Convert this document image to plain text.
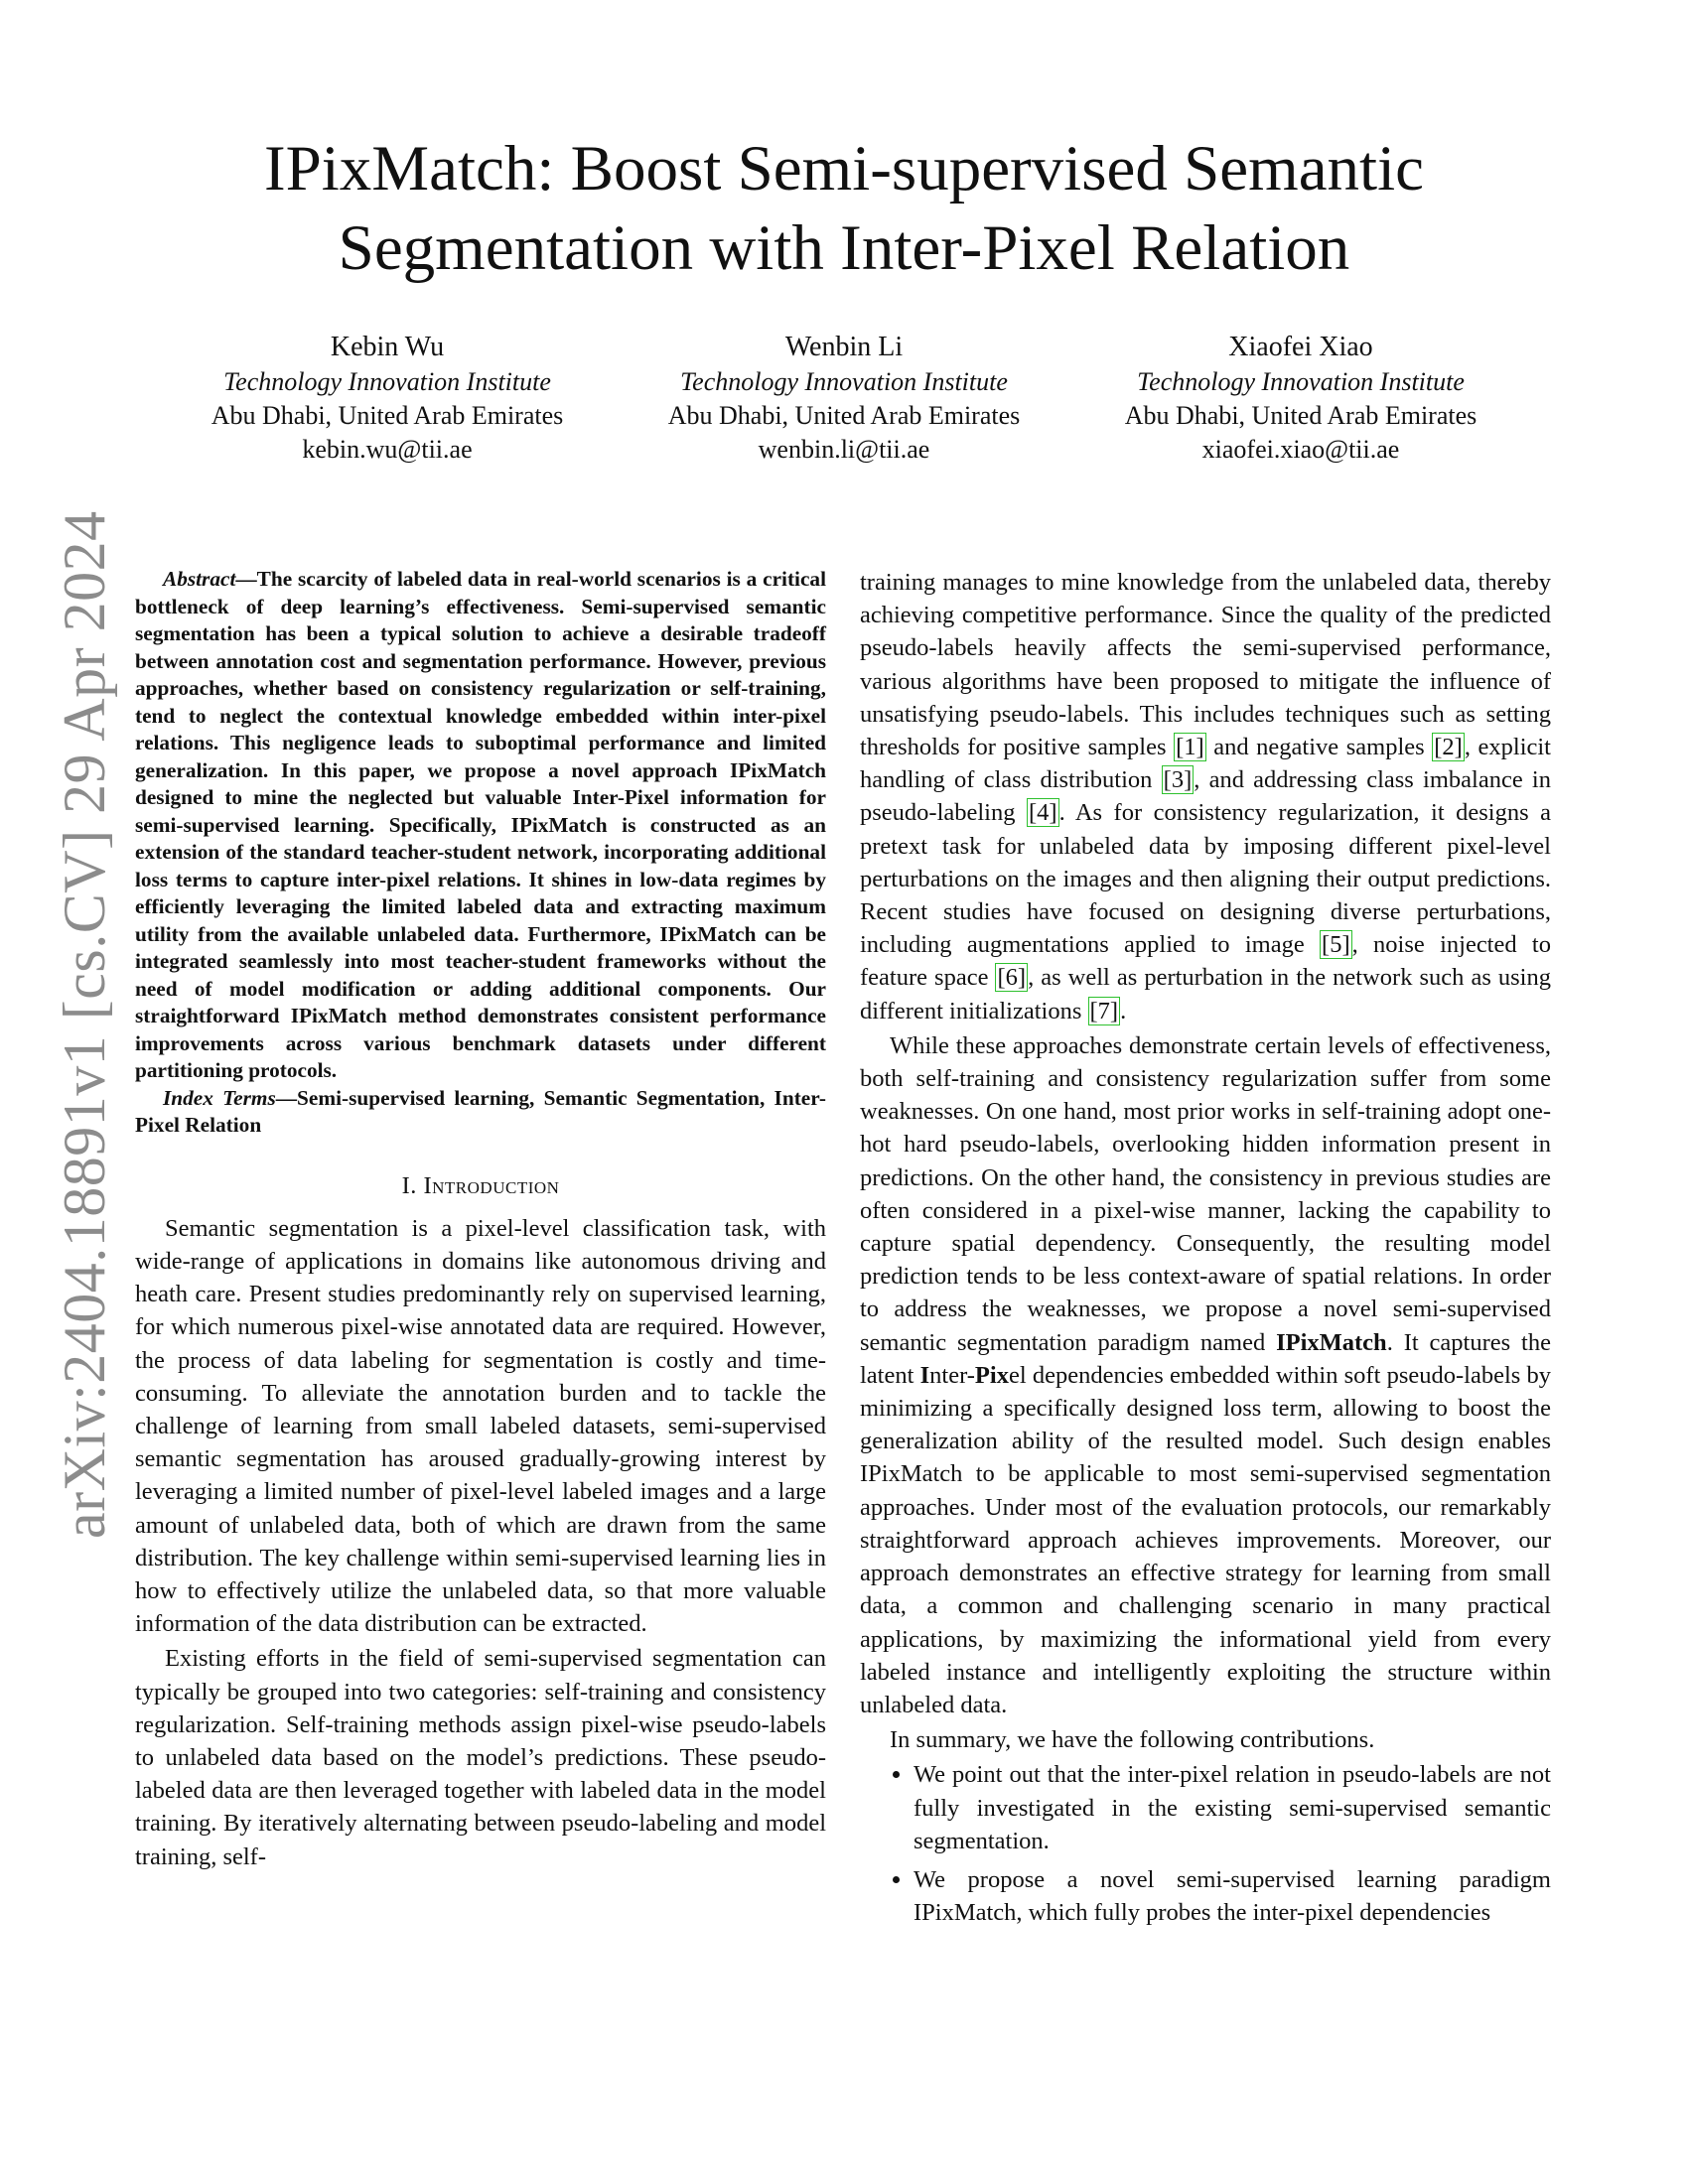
arXiv:2404.18891v1 [cs.CV] 29 Apr 2024
IPixMatch: Boost Semi-supervised Semantic
Segmentation with Inter-Pixel Relation
Kebin Wu
Technology Innovation Institute
Abu Dhabi, United Arab Emirates
kebin.wu@tii.ae
Wenbin Li
Technology Innovation Institute
Abu Dhabi, United Arab Emirates
wenbin.li@tii.ae
Xiaofei Xiao
Technology Innovation Institute
Abu Dhabi, United Arab Emirates
xiaofei.xiao@tii.ae

Abstract—The scarcity of labeled data in real-world scenarios is a critical bottleneck of deep learning’s effectiveness. Semi-supervised semantic segmentation has been a typical solution to achieve a desirable tradeoff between annotation cost and segmentation performance. However, previous approaches, whether based on consistency regularization or self-training, tend to neglect the contextual knowledge embedded within inter-pixel relations. This negligence leads to suboptimal performance and limited generalization. In this paper, we propose a novel approach IPixMatch designed to mine the neglected but valuable Inter-Pixel information for semi-supervised learning. Specifically, IPixMatch is constructed as an extension of the standard teacher-student network, incorporating additional loss terms to capture inter-pixel relations. It shines in low-data regimes by efficiently leveraging the limited labeled data and extracting maximum utility from the available unlabeled data. Furthermore, IPixMatch can be integrated seamlessly into most teacher-student frameworks without the need of model modification or adding additional components. Our straightforward IPixMatch method demonstrates consistent performance improvements across various benchmark datasets under different partitioning protocols.

Index Terms—Semi-supervised learning, Semantic Segmentation, Inter-Pixel Relation

I. Introduction

Semantic segmentation is a pixel-level classification task, with wide-range of applications in domains like autonomous driving and heath care. Present studies predominantly rely on supervised learning, for which numerous pixel-wise annotated data are required. However, the process of data labeling for segmentation is costly and time-consuming. To alleviate the annotation burden and to tackle the challenge of learning from small labeled datasets, semi-supervised semantic segmentation has aroused gradually-growing interest by leveraging a limited number of pixel-level labeled images and a large amount of unlabeled data, both of which are drawn from the same distribution. The key challenge within semi-supervised learning lies in how to effectively utilize the unlabeled data, so that more valuable information of the data distribution can be extracted.

Existing efforts in the field of semi-supervised segmentation can typically be grouped into two categories: self-training and consistency regularization. Self-training methods assign pixel-wise pseudo-labels to unlabeled data based on the model’s predictions. These pseudo-labeled data are then leveraged together with labeled data in the model training. By iteratively alternating between pseudo-labeling and model training, self-

training manages to mine knowledge from the unlabeled data, thereby achieving competitive performance. Since the quality of the predicted pseudo-labels heavily affects the semi-supervised performance, various algorithms have been proposed to mitigate the influence of unsatisfying pseudo-labels. This includes techniques such as setting thresholds for positive samples [1] and negative samples [2], explicit handling of class distribution [3], and addressing class imbalance in pseudo-labeling [4]. As for consistency regularization, it designs a pretext task for unlabeled data by imposing different pixel-level perturbations on the images and then aligning their output predictions. Recent studies have focused on designing diverse perturbations, including augmentations applied to image [5], noise injected to feature space [6], as well as perturbation in the network such as using different initializations [7].

While these approaches demonstrate certain levels of effectiveness, both self-training and consistency regularization suffer from some weaknesses. On one hand, most prior works in self-training adopt one-hot hard pseudo-labels, overlooking hidden information present in predictions. On the other hand, the consistency in previous studies are often considered in a pixel-wise manner, lacking the capability to capture spatial dependency. Consequently, the resulting model prediction tends to be less context-aware of spatial relations. In order to address the weaknesses, we propose a novel semi-supervised semantic segmentation paradigm named IPixMatch. It captures the latent Inter-Pixel dependencies embedded within soft pseudo-labels by minimizing a specifically designed loss term, allowing to boost the generalization ability of the resulted model. Such design enables IPixMatch to be applicable to most semi-supervised segmentation approaches. Under most of the evaluation protocols, our remarkably straightforward approach achieves improvements. Moreover, our approach demonstrates an effective strategy for learning from small data, a common and challenging scenario in many practical applications, by maximizing the informational yield from every labeled instance and intelligently exploiting the structure within unlabeled data.

In summary, we have the following contributions.

• We point out that the inter-pixel relation in pseudo-labels are not fully investigated in the existing semi-supervised semantic segmentation.
• We propose a novel semi-supervised learning paradigm IPixMatch, which fully probes the inter-pixel dependencies
